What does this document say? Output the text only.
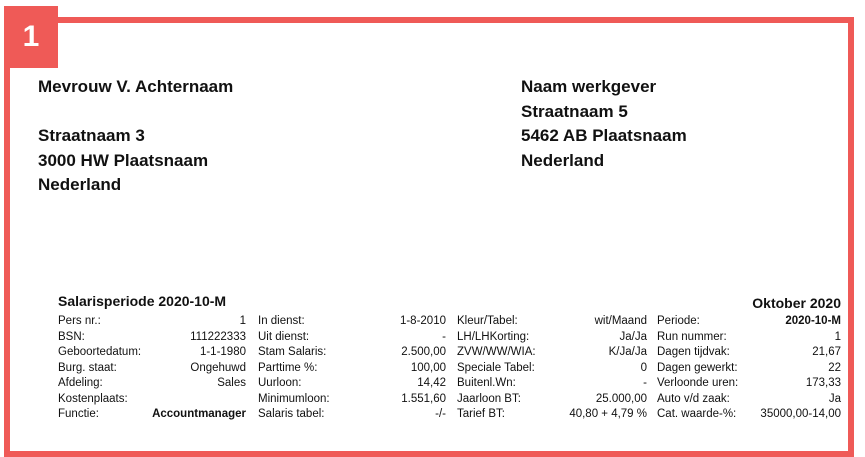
1
Mevrouw V. Achternaam
Straatnaam 3
3000 HW Plaatsnaam
Nederland
Naam werkgever
Straatnaam 5
5462 AB Plaatsnaam
Nederland
Salarisperiode 2020-10-M	Oktober 2020
Pers nr.:	1
BSN:	111222333
Geboortedatum:	1-1-1980
Burg. staat:	Ongehuwd
Afdeling:	Sales
Kostenplaats:
Functie:	Accountmanager
In dienst:	1-8-2010
Uit dienst:	-
Stam Salaris:	2.500,00
Parttime %:	100,00
Uurloon:	14,42
Minimumloon:	1.551,60
Salaris tabel:	-/-
Kleur/Tabel:	wit/Maand
LH/LHKorting:	Ja/Ja
ZVW/WW/WIA:	K/Ja/Ja
Speciale Tabel:	0
Buitenl.Wn:	-
Jaarloon BT:	25.000,00
Tarief BT:	40,80 + 4,79 %
Periode:	2020-10-M
Run nummer:	1
Dagen tijdvak:	21,67
Dagen gewerkt:	22
Verloonde uren:	173,33
Auto v/d zaak:	Ja
Cat. waarde-%: 35000,00-14,00
